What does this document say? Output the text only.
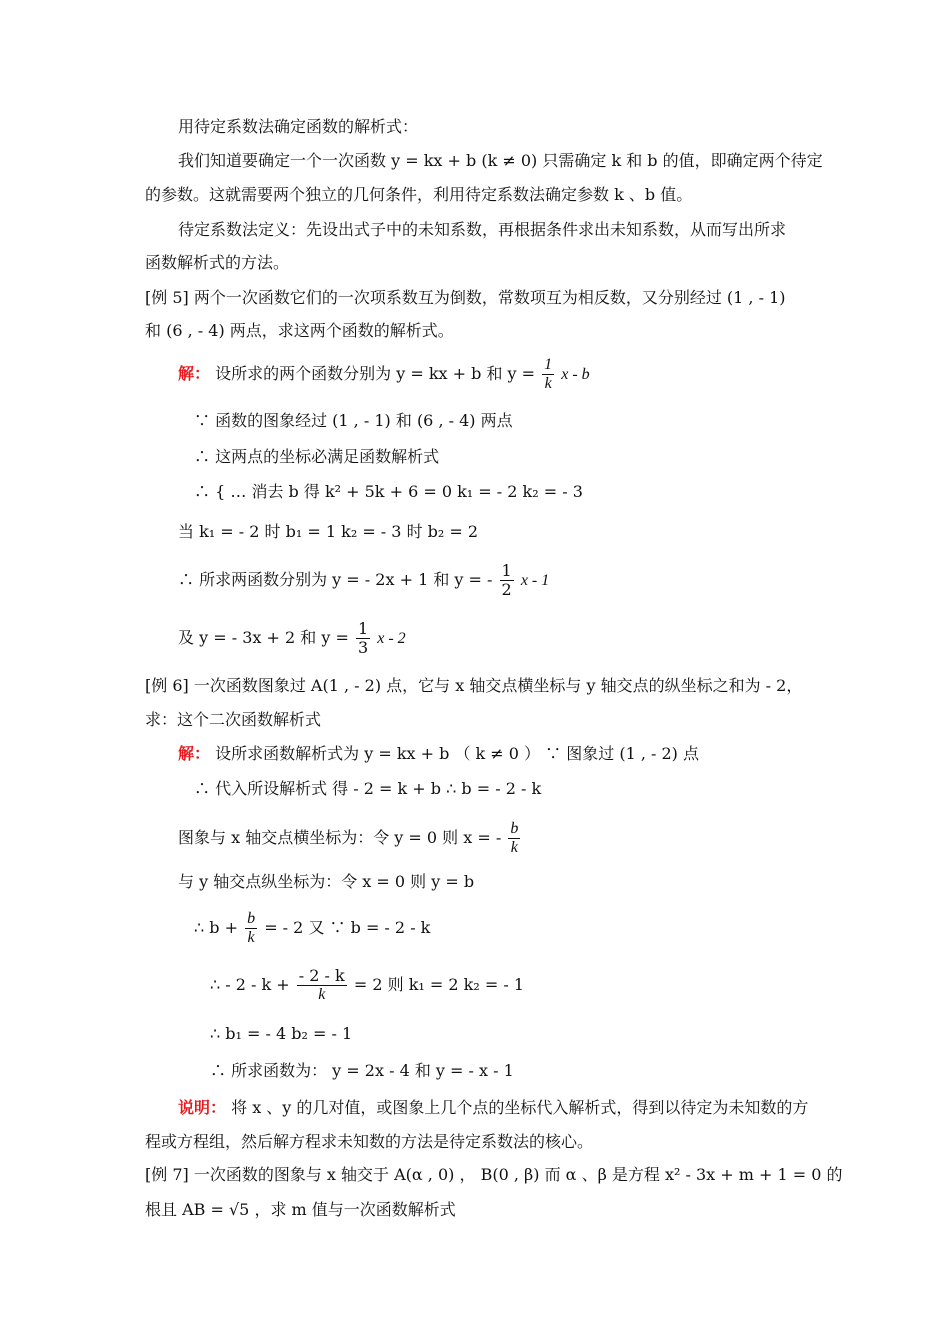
用待定系数法确定函数的解析式：
我们知道要确定一个一次函数 y = kx + b (k ≠ 0) 只需确定 k 和 b 的值，即确定两个待定
的参数。这就需要两个独立的几何条件，利用待定系数法确定参数 k 、b 值。
待定系数法定义：先设出式子中的未知系数，再根据条件求出未知系数，从而写出所求
函数解析式的方法。
[例 5] 两个一次函数它们的一次项系数互为倒数，常数项互为相反数，又分别经过 (1 , - 1)
和 (6 , - 4) 两点，求这两个函数的解析式。
解： 设所求的两个函数分别为 y = kx + b 和 $y = \frac{1}{k}$ x - b
∵ 函数的图象经过 (1 , - 1) 和 (6 , - 4) 两点
∴ 这两点的坐标必满足函数解析式
∴ { … 消去 b 得 k² + 5k + 6 = 0 k₁ = - 2 k₂ = - 3
当 k₁ = - 2 时 b₁ = 1 k₂ = - 3 时 b₂ = 2
∴ 所求两函数分别为 y = - 2x + 1 和 y = - $\frac{1}{2}$ x - 1
及 y = - 3x + 2 和 $y = \frac{1}{3}$ x - 2
[例 6] 一次函数图象过 A(1 , - 2) 点，它与 x 轴交点横坐标与 y 轴交点的纵坐标之和为 - 2，
求：这个二次函数解析式
解： 设所求函数解析式为 y = kx + b （ k ≠ 0 ） ∵ 图象过 (1 , - 2) 点
∴ 代入所设解析式 得 - 2 = k + b ∴ b = - 2 - k
图象与 x 轴交点横坐标为：令 y = 0 则 x = - $\frac{b}{k}$
与 y 轴交点纵坐标为：令 x = 0 则 y = b
∴ $b + \frac{b}{k}$ = - 2 又 ∵ b = - 2 - k
∴ - $2 - k + \frac{- 2 - k}{k} = 2$ 则 k₁ = 2 k₂ = - 1
∴ b₁ = - 4 b₂ = - 1
∴ 所求函数为： y = 2x - 4 和 y = - x - 1
说明： 将 x 、y 的几对值，或图象上几个点的坐标代入解析式，得到以待定为未知数的方
程或方程组，然后解方程求未知数的方法是待定系数法的核心。
[例 7] 一次函数的图象与 x 轴交于 A(α , 0) ， B(0 , β) 而 α 、β 是方程 x² - 3x + m + 1 = 0 的
根且 AB = √5 ，求 m 值与一次函数解析式
